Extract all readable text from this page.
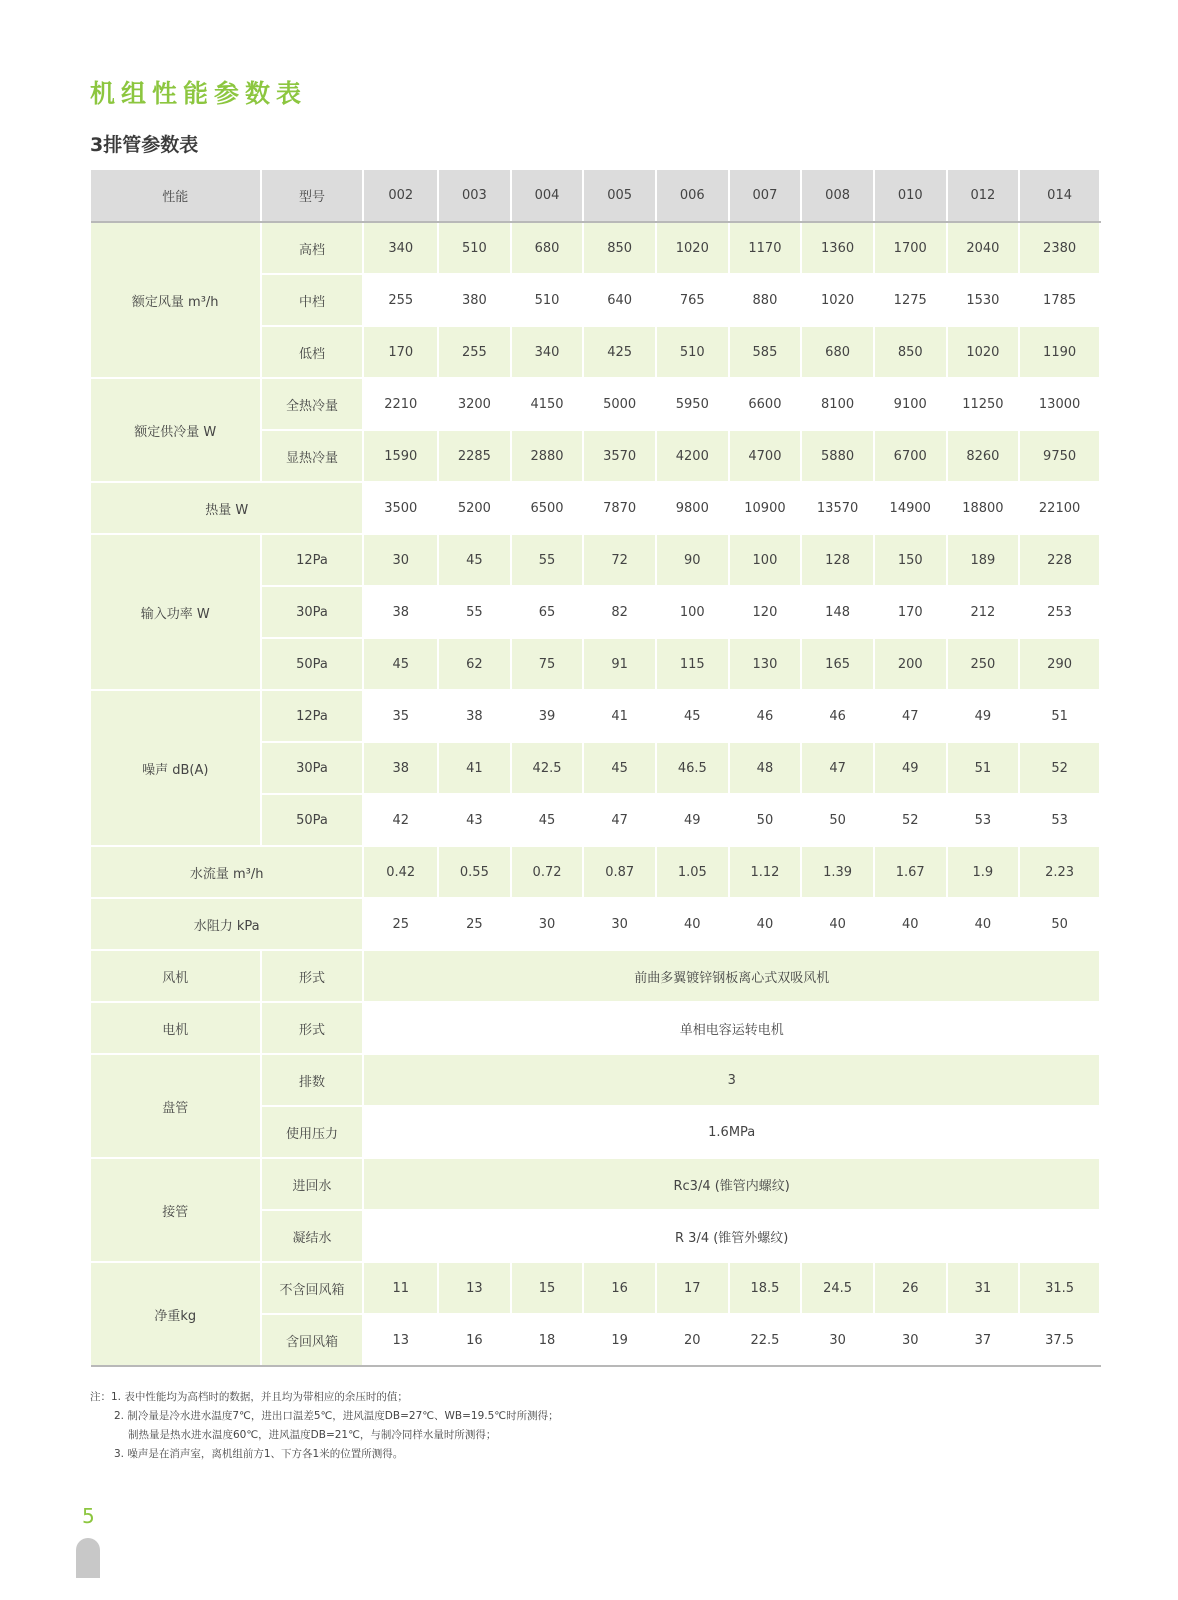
机组性能参数表
3排管参数表
性能	型号	002	003	004	005	006	007	008	010	012	014
额定风量 m³/h	高档	340	510	680	850	1020	1170	1360	1700	2040	2380
	中档	255	380	510	640	765	880	1020	1275	1530	1785
	低档	170	255	340	425	510	585	680	850	1020	1190
额定供冷量 W	全热冷量	2210	3200	4150	5000	5950	6600	8100	9100	11250	13000
	显热冷量	1590	2285	2880	3570	4200	4700	5880	6700	8260	9750
热量 W		3500	5200	6500	7870	9800	10900	13570	14900	18800	22100
输入功率 W	12Pa	30	45	55	72	90	100	128	150	189	228
	30Pa	38	55	65	82	100	120	148	170	212	253
	50Pa	45	62	75	91	115	130	165	200	250	290
噪声 dB(A)	12Pa	35	38	39	41	45	46	46	47	49	51
	30Pa	38	41	42.5	45	46.5	48	47	49	51	52
	50Pa	42	43	45	47	49	50	50	52	53	53
水流量 m³/h		0.42	0.55	0.72	0.87	1.05	1.12	1.39	1.67	1.9	2.23
水阻力 kPa		25	25	30	30	40	40	40	40	40	50
风机	形式	前曲多翼镀锌钢板离心式双吸风机									
电机	形式	单相电容运转电机									
盘管	排数	3									
	使用压力	1.6MPa									
接管	进回水	Rc3/4 (锥管内螺纹)									
	凝结水	R 3/4 (锥管外螺纹)									
净重kg	不含回风箱	11	13	15	16	17	18.5	24.5	26	31	31.5
	含回风箱	13	16	18	19	20	22.5	30	30	37	37.5
注：1. 表中性能均为高档时的数据，并且均为带相应的余压时的值；
2. 制冷量是冷水进水温度7℃，进出口温差5℃，进风温度DB=27℃、WB=19.5℃时所测得；
制热量是热水进水温度60℃，进风温度DB=21℃，与制冷同样水量时所测得；
3. 噪声是在消声室，离机组前方1、下方各1米的位置所测得。
5
